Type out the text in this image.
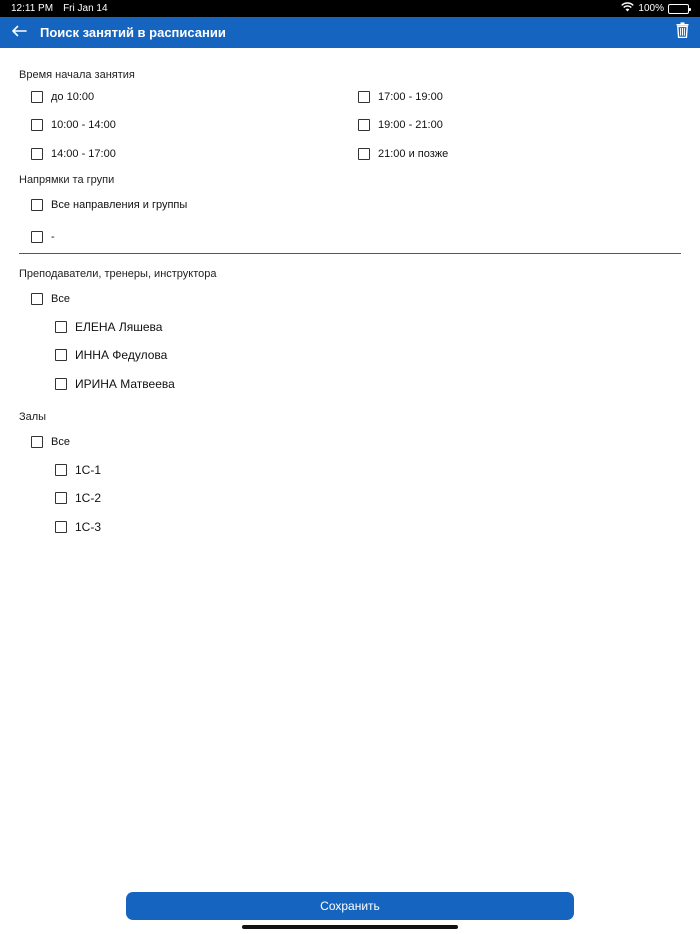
12:11 PM Fri Jan 14	100%
Поиск занятий в расписании
Время начала занятия
до 10:00	17:00 - 19:00
10:00 - 14:00	19:00 - 21:00
14:00 - 17:00	21:00 и позже
Напрямки та групи
Все направления и группы
-
Преподаватели, тренеры, инструктора
Все
ЕЛЕНА Ляшева
ИННА Федулова
ИРИНА Матвеева
Залы
Все
1С-1
1С-2
1С-3
Сохранить
